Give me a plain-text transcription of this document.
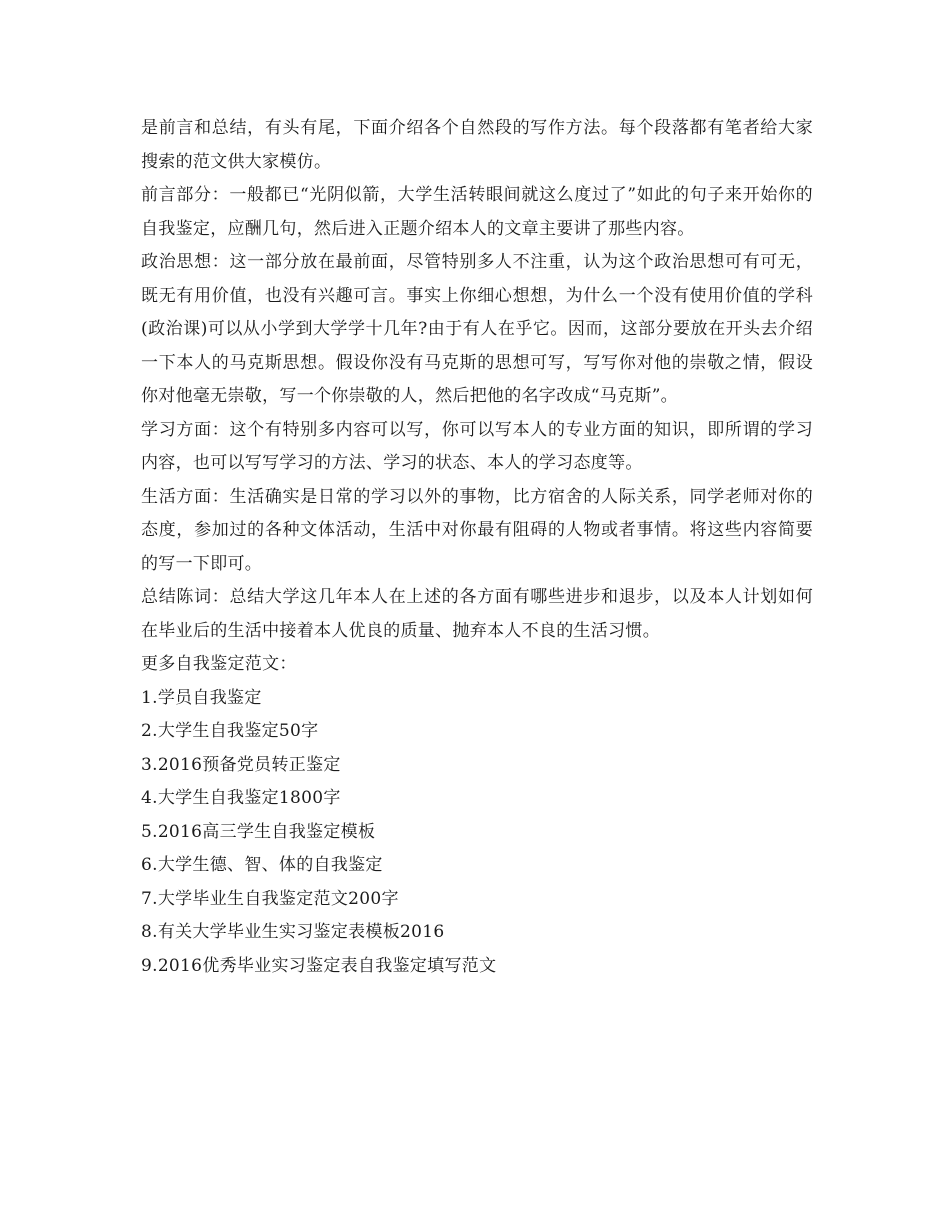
是前言和总结，有头有尾，下面介绍各个自然段的写作方法。每个段落都有笔者给大家搜索的范文供大家模仿。

前言部分：一般都已“光阴似箭，大学生活转眼间就这么度过了”如此的句子来开始你的自我鉴定，应酬几句，然后进入正题介绍本人的文章主要讲了那些内容。

政治思想：这一部分放在最前面，尽管特别多人不注重，认为这个政治思想可有可无，既无有用价值，也没有兴趣可言。事实上你细心想想，为什么一个没有使用价值的学科(政治课)可以从小学到大学学十几年?由于有人在乎它。因而，这部分要放在开头去介绍一下本人的马克斯思想。假设你没有马克斯的思想可写，写写你对他的崇敬之情，假设你对他毫无崇敬，写一个你崇敬的人，然后把他的名字改成“马克斯”。

学习方面：这个有特别多内容可以写，你可以写本人的专业方面的知识，即所谓的学习内容，也可以写写学习的方法、学习的状态、本人的学习态度等。

生活方面：生活确实是日常的学习以外的事物，比方宿舍的人际关系，同学老师对你的态度，参加过的各种文体活动，生活中对你最有阻碍的人物或者事情。将这些内容简要的写一下即可。

总结陈词：总结大学这几年本人在上述的各方面有哪些进步和退步，以及本人计划如何在毕业后的生活中接着本人优良的质量、抛弃本人不良的生活习惯。

更多自我鉴定范文：

1.学员自我鉴定
2.大学生自我鉴定50字
3.2016预备党员转正鉴定
4.大学生自我鉴定1800字
5.2016高三学生自我鉴定模板
6.大学生德、智、体的自我鉴定
7.大学毕业生自我鉴定范文200字
8.有关大学毕业生实习鉴定表模板2016
9.2016优秀毕业实习鉴定表自我鉴定填写范文
